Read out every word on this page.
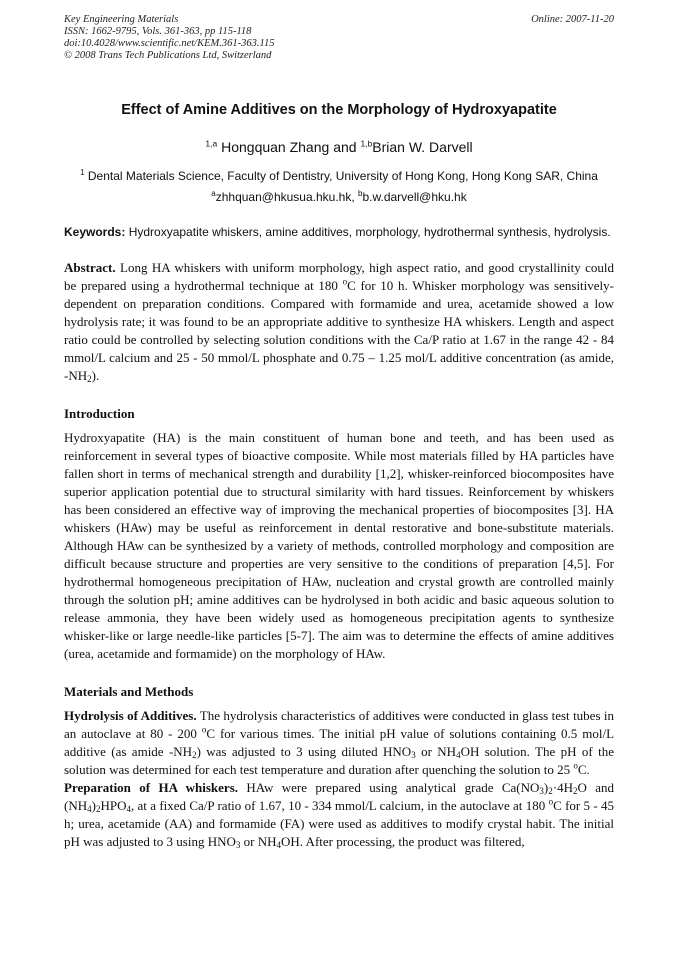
Key Engineering Materials
ISSN: 1662-9795, Vols. 361-363, pp 115-118
doi:10.4028/www.scientific.net/KEM.361-363.115
© 2008 Trans Tech Publications Ltd, Switzerland
Online: 2007-11-20
Effect of Amine Additives on the Morphology of Hydroxyapatite
$^{1,a}$ Hongquan Zhang and $^{1,b}$Brian W. Darvell
$^1$ Dental Materials Science, Faculty of Dentistry, University of Hong Kong, Hong Kong SAR, China
$^a$zhhquan@hkusua.hku.hk, $^b$b.w.darvell@hku.hk
Keywords: Hydroxyapatite whiskers, amine additives, morphology, hydrothermal synthesis, hydrolysis.
Abstract. Long HA whiskers with uniform morphology, high aspect ratio, and good crystallinity could be prepared using a hydrothermal technique at 180 $^o$C for 10 h. Whisker morphology was sensitively-dependent on preparation conditions. Compared with formamide and urea, acetamide showed a low hydrolysis rate; it was found to be an appropriate additive to synthesize HA whiskers. Length and aspect ratio could be controlled by selecting solution conditions with the Ca/P ratio at 1.67 in the range 42 - 84 mmol/L calcium and 25 - 50 mmol/L phosphate and 0.75 – 1.25 mol/L additive concentration (as amide, $-NH_2$).
Introduction
Hydroxyapatite (HA) is the main constituent of human bone and teeth, and has been used as reinforcement in several types of bioactive composite. While most materials filled by HA particles have fallen short in terms of mechanical strength and durability [1,2], whisker-reinforced biocomposites have superior application potential due to structural similarity with hard tissues. Reinforcement by whiskers has been considered an effective way of improving the mechanical properties of biocomposites [3]. HA whiskers (HAw) may be useful as reinforcement in dental restorative and bone-substitute materials. Although HAw can be synthesized by a variety of methods, controlled morphology and composition are difficult because structure and properties are very sensitive to the conditions of preparation [4,5]. For hydrothermal homogeneous precipitation of HAw, nucleation and crystal growth are controlled mainly through the solution pH; amine additives can be hydrolysed in both acidic and basic aqueous solution to release ammonia, they have been widely used as homogeneous precipitation agents to synthesize whisker-like or large needle-like particles [5-7]. The aim was to determine the effects of amine additives (urea, acetamide and formamide) on the morphology of HAw.
Materials and Methods
Hydrolysis of Additives. The hydrolysis characteristics of additives were conducted in glass test tubes in an autoclave at 80 - 200 $^o$C for various times. The initial pH value of solutions containing 0.5 mol/L additive (as amide $-NH_2$) was adjusted to 3 using diluted $HNO_3$ or $NH_4OH$ solution. The pH of the solution was determined for each test temperature and duration after quenching the solution to 25 $^o$C.
Preparation of HA whiskers. HAw were prepared using analytical grade $Ca(NO_3)_2\cdot 4H_2O$ and $(NH_4)_2HPO_4$, at a fixed Ca/P ratio of 1.67, 10 - 334 mmol/L calcium, in the autoclave at 180 $^o$C for 5 - 45 h; urea, acetamide (AA) and formamide (FA) were used as additives to modify crystal habit. The initial pH was adjusted to 3 using $HNO_3$ or $NH_4OH$. After processing, the product was filtered,
